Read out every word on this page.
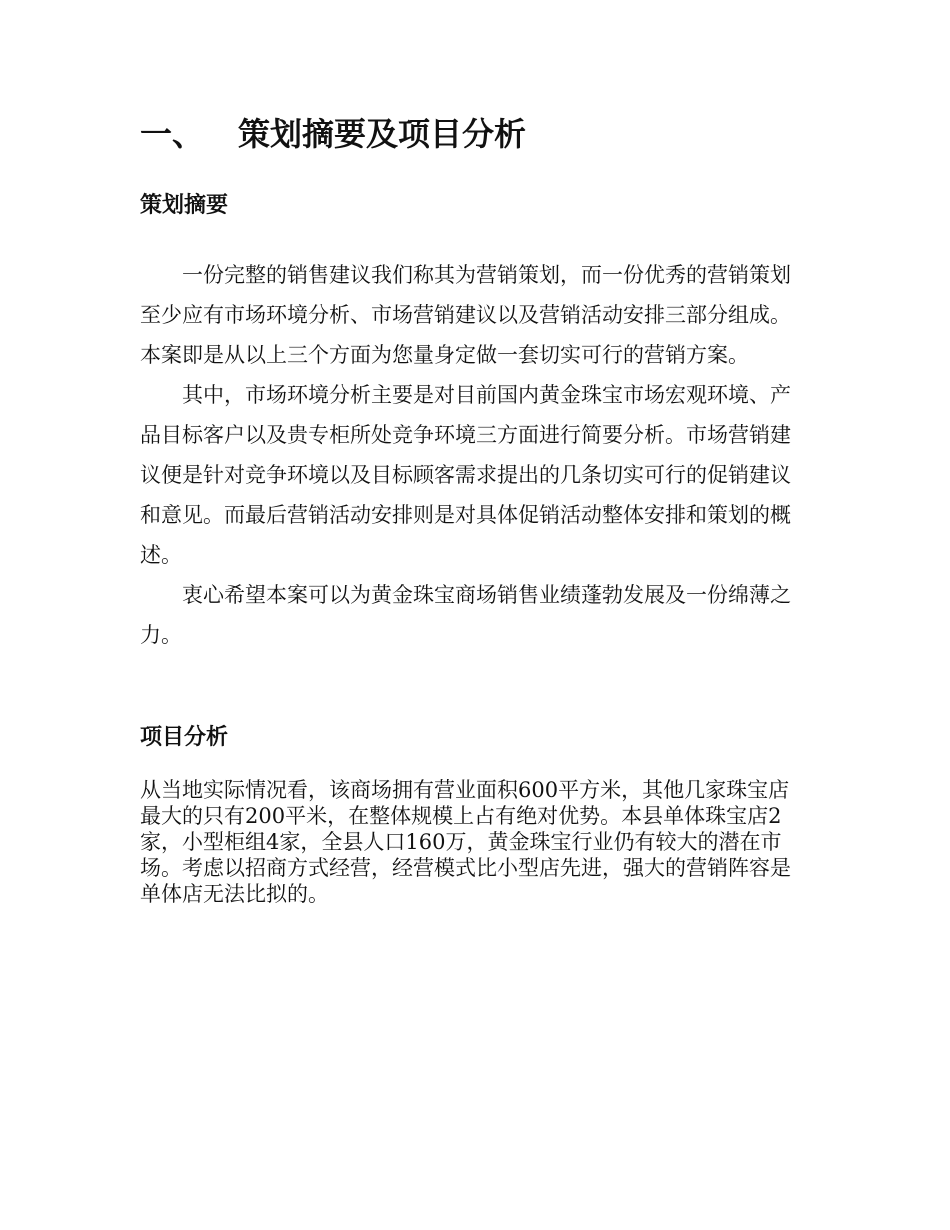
一、 策划摘要及项目分析
策划摘要

一份完整的销售建议我们称其为营销策划，而一份优秀的营销策划至少应有市场环境分析、市场营销建议以及营销活动安排三部分组成。本案即是从以上三个方面为您量身定做一套切实可行的营销方案。

其中，市场环境分析主要是对目前国内黄金珠宝市场宏观环境、产品目标客户以及贵专柜所处竞争环境三方面进行简要分析。市场营销建议便是针对竞争环境以及目标顾客需求提出的几条切实可行的促销建议和意见。而最后营销活动安排则是对具体促销活动整体安排和策划的概述。

衷心希望本案可以为黄金珠宝商场销售业绩蓬勃发展及一份绵薄之力。

项目分析

从当地实际情况看，该商场拥有营业面积600平方米，其他几家珠宝店最大的只有200平米，在整体规模上占有绝对优势。本县单体珠宝店2家，小型柜组4家，全县人口160万，黄金珠宝行业仍有较大的潜在市场。考虑以招商方式经营，经营模式比小型店先进，强大的营销阵容是单体店无法比拟的。
